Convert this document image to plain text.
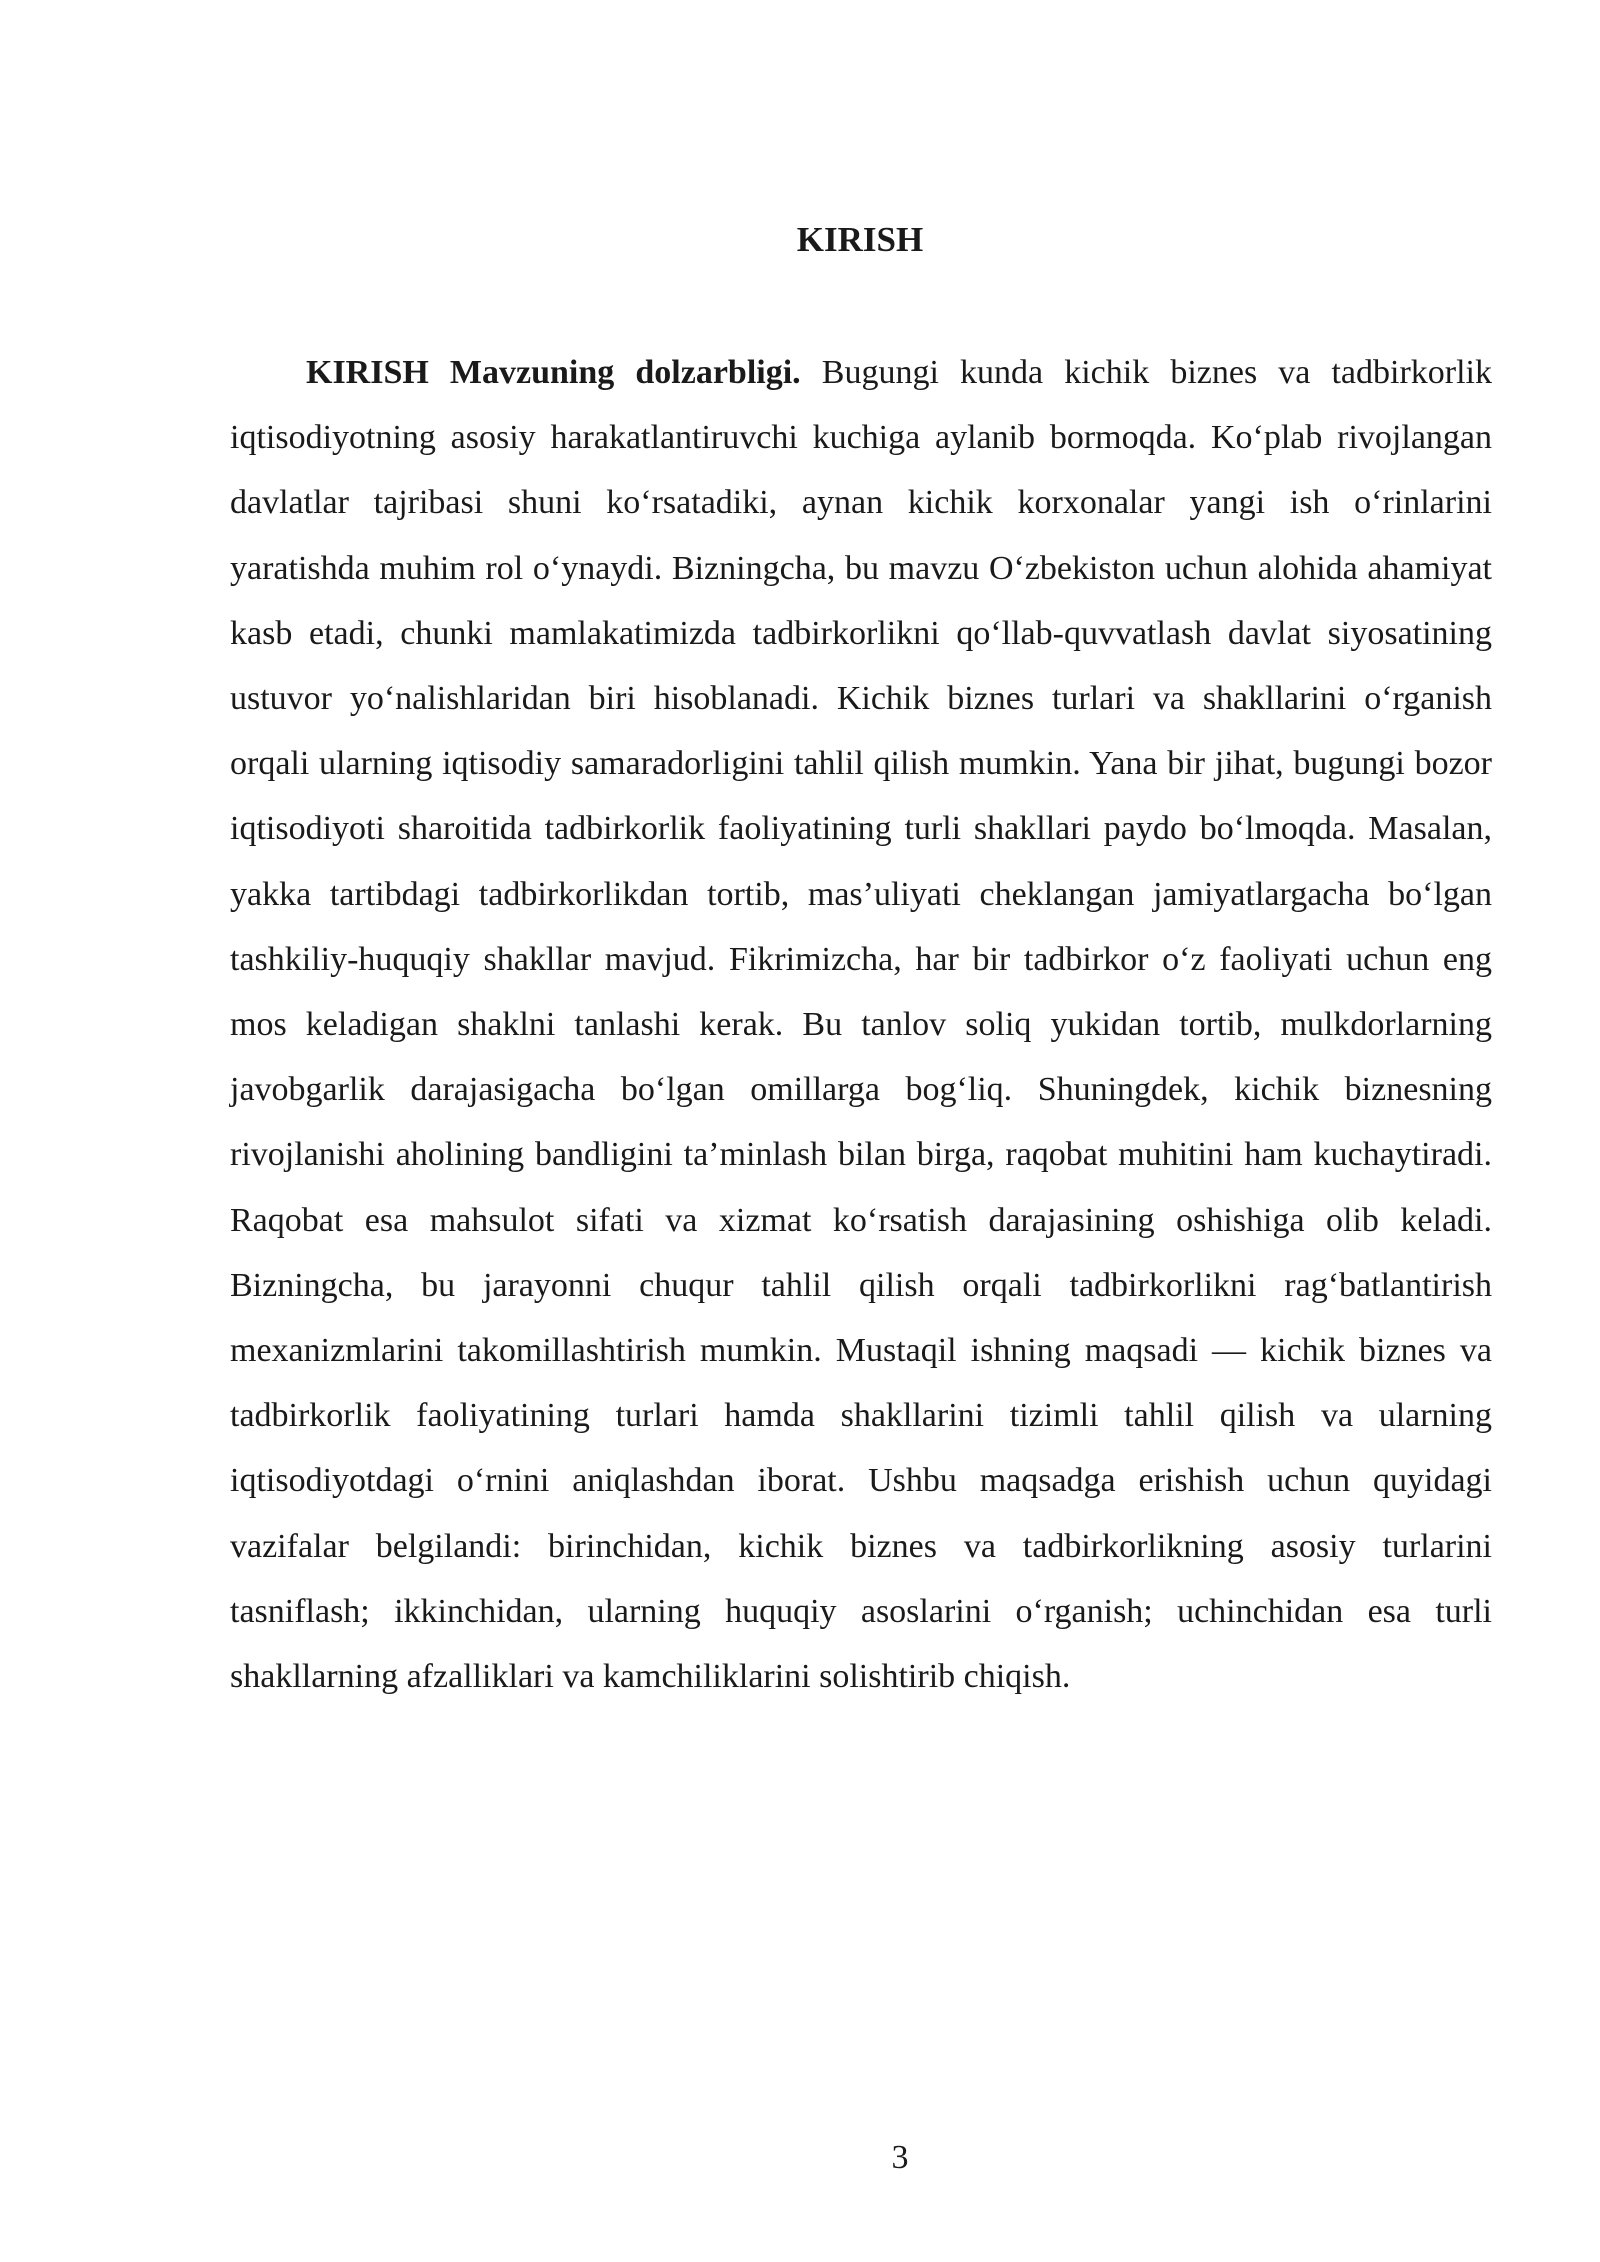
KIRISH

KIRISH Mavzuning dolzarbligi. Bugungi kunda kichik biznes va tadbirkorlik iqtisodiyotning asosiy harakatlantiruvchi kuchiga aylanib bormoqda. Ko‘plab rivojlangan davlatlar tajribasi shuni ko‘rsatadiki, aynan kichik korxonalar yangi ish o‘rinlarini yaratishda muhim rol o‘ynaydi. Bizningcha, bu mavzu O‘zbekiston uchun alohida ahamiyat kasb etadi, chunki mamlakatimizda tadbirkorlikni qo‘llab-quvvatlash davlat siyosatining ustuvor yo‘nalishlaridan biri hisoblanadi. Kichik biznes turlari va shakllarini o‘rganish orqali ularning iqtisodiy samaradorligini tahlil qilish mumkin. Yana bir jihat, bugungi bozor iqtisodiyoti sharoitida tadbirkorlik faoliyatining turli shakllari paydo bo‘lmoqda. Masalan, yakka tartibdagi tadbirkorlikdan tortib, mas’uliyati cheklangan jamiyatlargacha bo‘lgan tashkiliy-huquqiy shakllar mavjud. Fikrimizcha, har bir tadbirkor o‘z faoliyati uchun eng mos keladigan shaklni tanlashi kerak. Bu tanlov soliq yukidan tortib, mulkdorlarning javobgarlik darajasigacha bo‘lgan omillarga bog‘liq. Shuningdek, kichik biznesning rivojlanishi aholining bandligini ta’minlash bilan birga, raqobat muhitini ham kuchaytiradi. Raqobat esa mahsulot sifati va xizmat ko‘rsatish darajasining oshishiga olib keladi. Bizningcha, bu jarayonni chuqur tahlil qilish orqali tadbirkorlikni rag‘batlantirish mexanizmlarini takomillashtirish mumkin. Mustaqil ishning maqsadi — kichik biznes va tadbirkorlik faoliyatining turlari hamda shakllarini tizimli tahlil qilish va ularning iqtisodiyotdagi o‘rnini aniqlashdan iborat. Ushbu maqsadga erishish uchun quyidagi vazifalar belgilandi: birinchidan, kichik biznes va tadbirkorlikning asosiy turlarini tasniflash; ikkinchidan, ularning huquqiy asoslarini o‘rganish; uchinchidan esa turli shakllarning afzalliklari va kamchiliklarini solishtirib chiqish.

3
